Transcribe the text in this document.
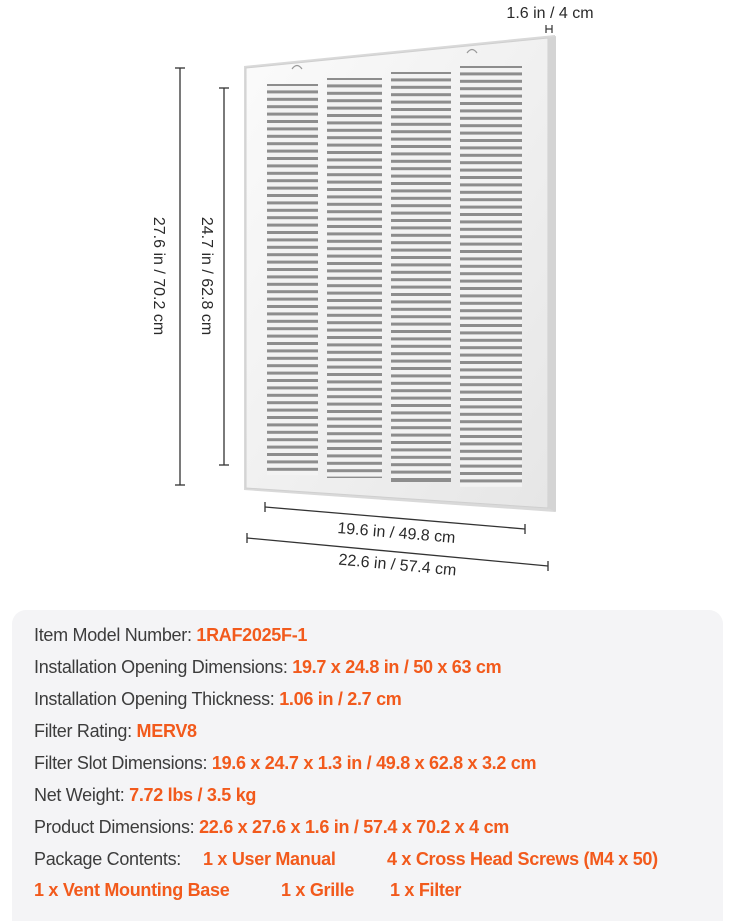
1.6 in / 4 cm
27.6 in / 70.2 cm 24.7 in / 62.8 cm
19.6 in / 49.8 cm
22.6 in / 57.4 cm
Item Model Number: 1RAF2025F-1
Installation Opening Dimensions: 19.7 x 24.8 in / 50 x 63 cm
Installation Opening Thickness: 1.06 in / 2.7 cm
Filter Rating: MERV8
Filter Slot Dimensions: 19.6 x 24.7 x 1.3 in / 49.8 x 62.8 x 3.2 cm
Net Weight: 7.72 lbs / 3.5 kg
Product Dimensions: 22.6 x 27.6 x 1.6 in / 57.4 x 70.2 x 4 cm
Package Contents: 1 x User Manual	4 x Cross Head Screws (M4 x 50)
1 x Vent Mounting Base	1 x Grille 1 x Filter
